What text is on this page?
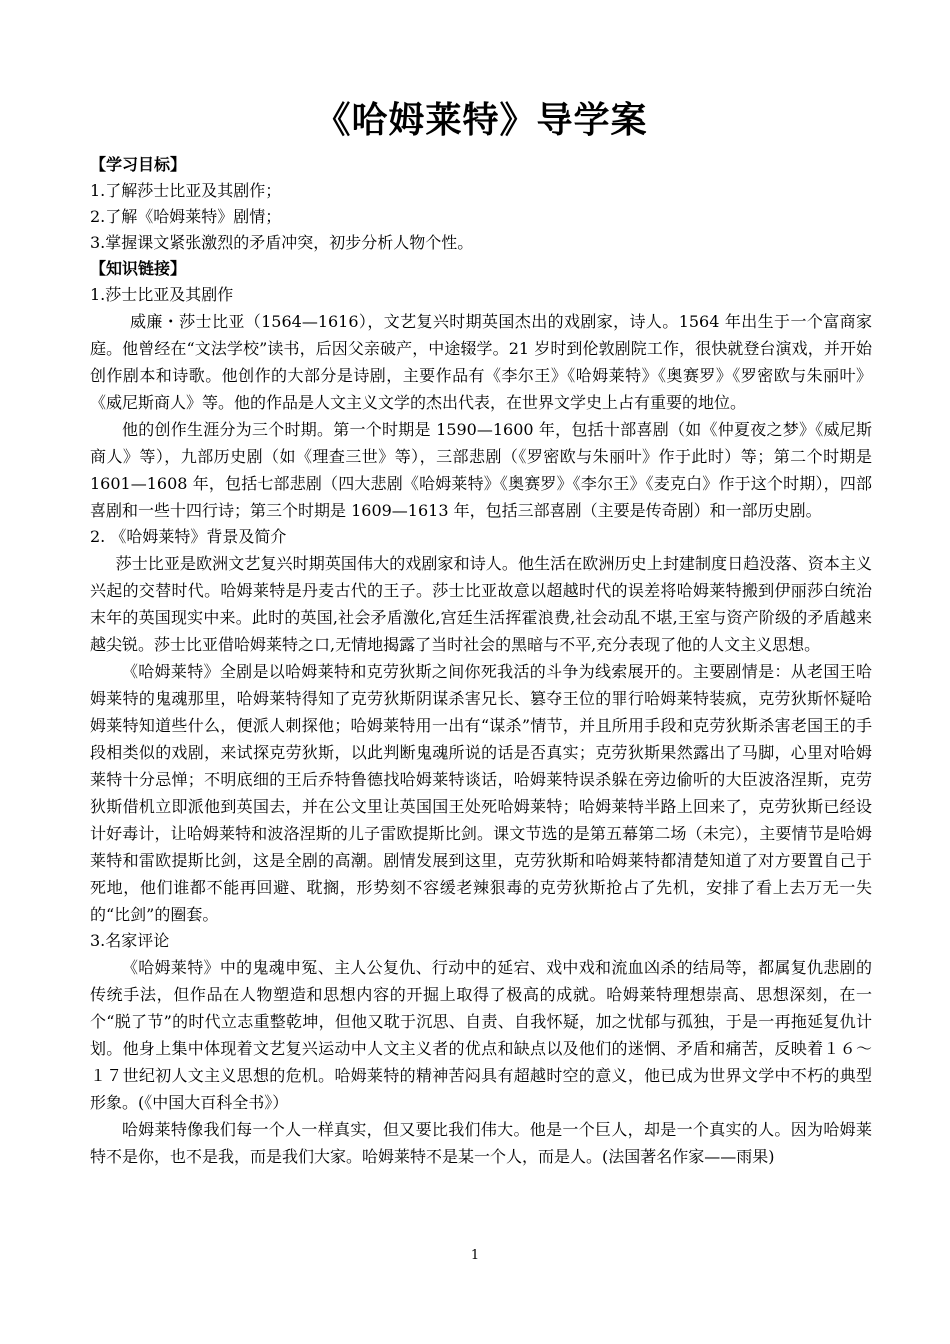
《哈姆莱特》导学案

【学习目标】

1.了解莎士比亚及其剧作；

2.了解《哈姆莱特》剧情；

3.掌握课文紧张激烈的矛盾冲突，初步分析人物个性。

【知识链接】

1.莎士比亚及其剧作

威廉・莎士比亚（1564—1616），文艺复兴时期英国杰出的戏剧家，诗人。1564 年出生于一个富商家庭。他曾经在“文法学校”读书，后因父亲破产，中途辍学。21 岁时到伦敦剧院工作，很快就登台演戏，并开始创作剧本和诗歌。他创作的大部分是诗剧，主要作品有《李尔王》《哈姆莱特》《奥赛罗》《罗密欧与朱丽叶》《威尼斯商人》等。他的作品是人文主义文学的杰出代表，在世界文学史上占有重要的地位。

他的创作生涯分为三个时期。第一个时期是 1590—1600 年，包括十部喜剧（如《仲夏夜之梦》《威尼斯商人》等），九部历史剧（如《理查三世》等），三部悲剧（《罗密欧与朱丽叶》作于此时）等；第二个时期是 1601—1608 年，包括七部悲剧（四大悲剧《哈姆莱特》《奥赛罗》《李尔王》《麦克白》作于这个时期），四部喜剧和一些十四行诗；第三个时期是 1609—1613 年，包括三部喜剧（主要是传奇剧）和一部历史剧。

2. 《哈姆莱特》背景及简介

莎士比亚是欧洲文艺复兴时期英国伟大的戏剧家和诗人。他生活在欧洲历史上封建制度日趋没落、资本主义兴起的交替时代。哈姆莱特是丹麦古代的王子。莎士比亚故意以超越时代的误差将哈姆莱特搬到伊丽莎白统治末年的英国现实中来。此时的英国,社会矛盾激化,宫廷生活挥霍浪费,社会动乱不堪,王室与资产阶级的矛盾越来越尖锐。莎士比亚借哈姆莱特之口,无情地揭露了当时社会的黑暗与不平,充分表现了他的人文主义思想。

《哈姆莱特》全剧是以哈姆莱特和克劳狄斯之间你死我活的斗争为线索展开的。主要剧情是：从老国王哈姆莱特的鬼魂那里，哈姆莱特得知了克劳狄斯阴谋杀害兄长、篡夺王位的罪行哈姆莱特装疯，克劳狄斯怀疑哈姆莱特知道些什么，便派人刺探他；哈姆莱特用一出有“谋杀”情节，并且所用手段和克劳狄斯杀害老国王的手段相类似的戏剧，来试探克劳狄斯，以此判断鬼魂所说的话是否真实；克劳狄斯果然露出了马脚，心里对哈姆莱特十分忌惮；不明底细的王后乔特鲁德找哈姆莱特谈话，哈姆莱特误杀躲在旁边偷听的大臣波洛涅斯，克劳狄斯借机立即派他到英国去，并在公文里让英国国王处死哈姆莱特；哈姆莱特半路上回来了，克劳狄斯已经设计好毒计，让哈姆莱特和波洛涅斯的儿子雷欧提斯比剑。课文节选的是第五幕第二场（未完），主要情节是哈姆莱特和雷欧提斯比剑，这是全剧的高潮。剧情发展到这里，克劳狄斯和哈姆莱特都清楚知道了对方要置自己于死地，他们谁都不能再回避、耽搁，形势刻不容缓老辣狠毒的克劳狄斯抢占了先机，安排了看上去万无一失的“比剑”的圈套。

3.名家评论

《哈姆莱特》中的鬼魂申冤、主人公复仇、行动中的延宕、戏中戏和流血凶杀的结局等，都属复仇悲剧的传统手法，但作品在人物塑造和思想内容的开掘上取得了极高的成就。哈姆莱特理想崇高、思想深刻，在一个“脱了节”的时代立志重整乾坤，但他又耽于沉思、自责、自我怀疑，加之忧郁与孤独，于是一再拖延复仇计划。他身上集中体现着文艺复兴运动中人文主义者的优点和缺点以及他们的迷惘、矛盾和痛苦，反映着１６～１７世纪初人文主义思想的危机。哈姆莱特的精神苦闷具有超越时空的意义，他已成为世界文学中不朽的典型形象。(《中国大百科全书》）

哈姆莱特像我们每一个人一样真实，但又要比我们伟大。他是一个巨人，却是一个真实的人。因为哈姆莱特不是你，也不是我，而是我们大家。哈姆莱特不是某一个人，而是人。(法国著名作家——雨果)

1
